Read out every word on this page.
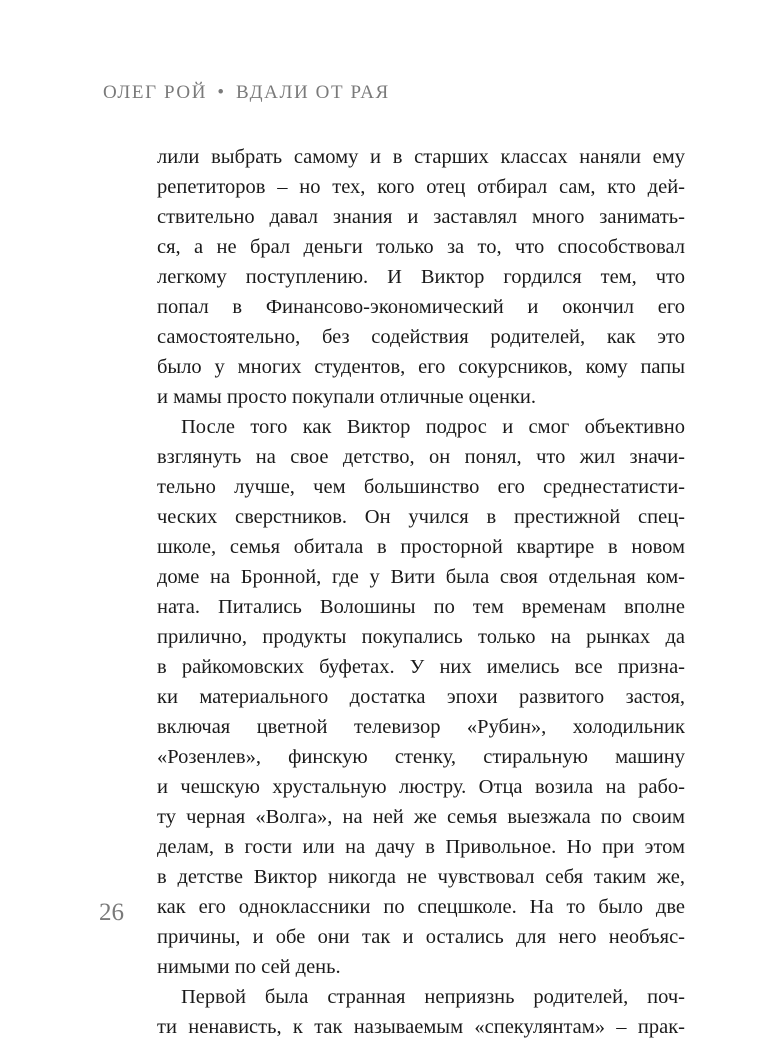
ОЛЕГ РОЙ • ВДАЛИ ОТ РАЯ
лили выбрать самому и в старших классах наняли ему
репетиторов – но тех, кого отец отбирал сам, кто дей-
ствительно давал знания и заставлял много занимать-
ся, а не брал деньги только за то, что способствовал
легкому поступлению. И Виктор гордился тем, что
попал в Финансово-экономический и окончил его
самостоятельно, без содействия родителей, как это
было у многих студентов, его сокурсников, кому папы
и мамы просто покупали отличные оценки.
После того как Виктор подрос и смог объективно
взглянуть на свое детство, он понял, что жил значи-
тельно лучше, чем большинство его среднестатисти-
ческих сверстников. Он учился в престижной спец-
школе, семья обитала в просторной квартире в новом
доме на Бронной, где у Вити была своя отдельная ком-
ната. Питались Волошины по тем временам вполне
прилично, продукты покупались только на рынках да
в райкомовских буфетах. У них имелись все призна-
ки материального достатка эпохи развитого застоя,
включая цветной телевизор «Рубин», холодильник
«Розенлев», финскую стенку, стиральную машину
и чешскую хрустальную люстру. Отца возила на рабо-
ту черная «Волга», на ней же семья выезжала по своим
делам, в гости или на дачу в Привольное. Но при этом
в детстве Виктор никогда не чувствовал себя таким же,
как его одноклассники по спецшколе. На то было две
причины, и обе они так и остались для него необъяс-
нимыми по сей день.
Первой была странная неприязнь родителей, поч-
ти ненависть, к так называемым «спекулянтам» – прак-
26
